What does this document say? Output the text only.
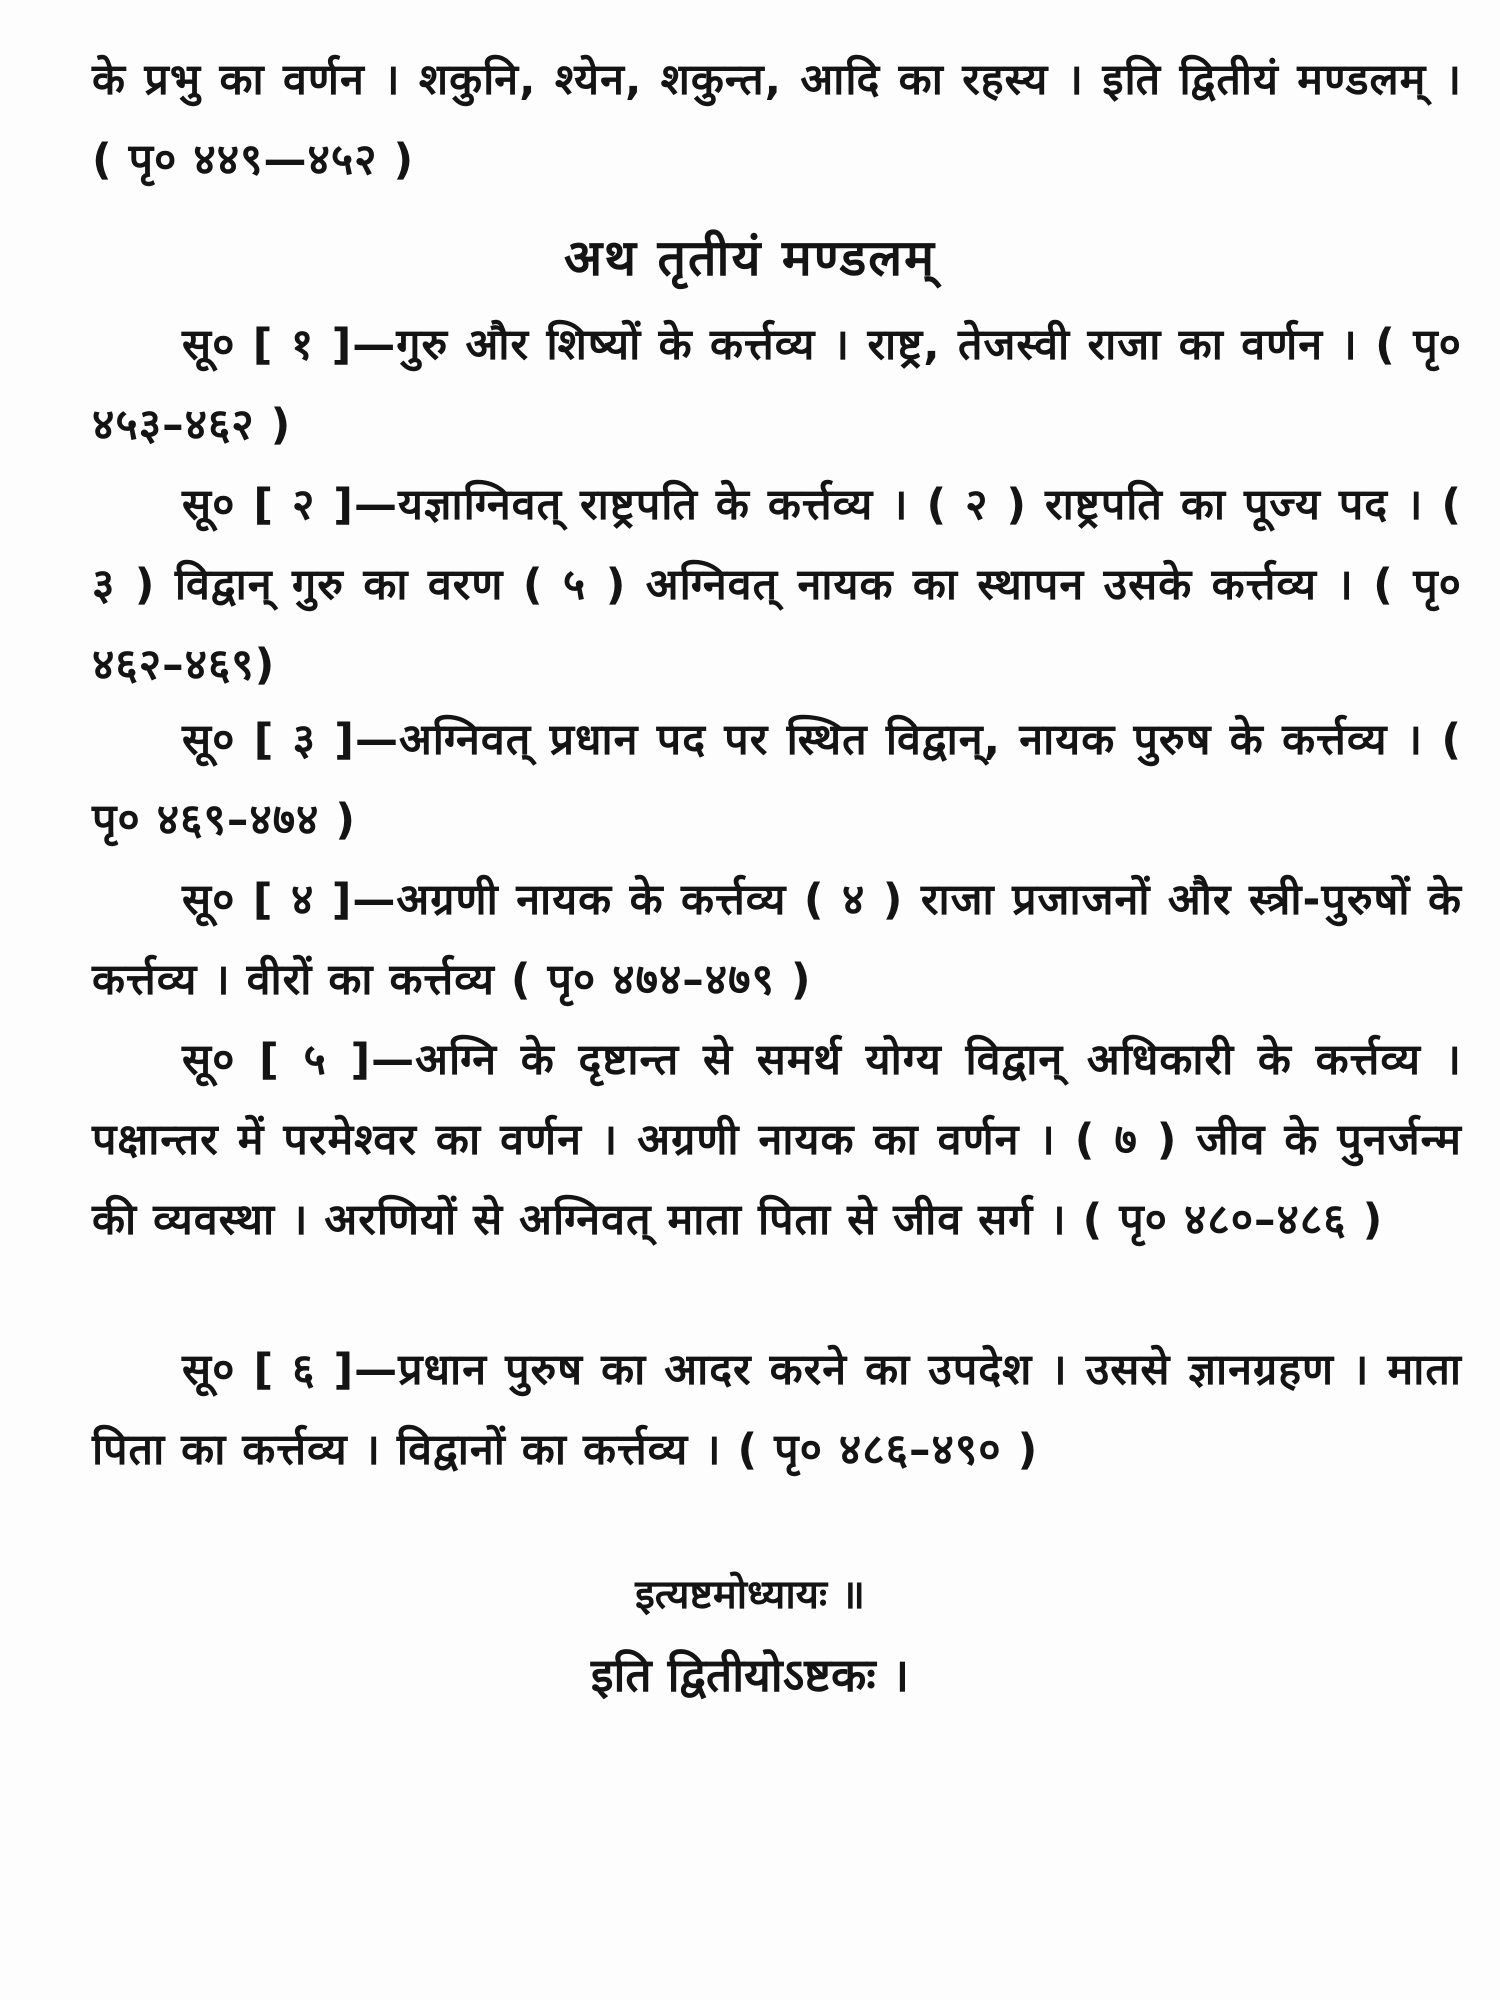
के प्रभु का वर्णन । शकुनि, श्येन, शकुन्त, आदि का रहस्य । इति द्वितीयं मण्डलम् । ( पृ० ४४९—४५२ )

अथ तृतीयं मण्डलम्

सू० [ १ ]—गुरु और शिष्यों के कर्त्तव्य । राष्ट्र, तेजस्वी राजा का वर्णन । ( पृ० ४५३–४६२ )

सू० [ २ ]—यज्ञाग्निवत् राष्ट्रपति के कर्त्तव्य । ( २ ) राष्ट्रपति का पूज्य पद । ( ३ ) विद्वान् गुरु का वरण ( ५ ) अग्निवत् नायक का स्थापन उसके कर्त्तव्य । ( पृ० ४६२–४६९)

सू० [ ३ ]—अग्निवत् प्रधान पद पर स्थित विद्वान्, नायक पुरुष के कर्त्तव्य । ( पृ० ४६९–४७४ )

सू० [ ४ ]—अग्रणी नायक के कर्त्तव्य ( ४ ) राजा प्रजाजनों और स्त्री-पुरुषों के कर्त्तव्य । वीरों का कर्त्तव्य ( पृ० ४७४–४७९ )

सू० [ ५ ]—अग्नि के दृष्टान्त से समर्थ योग्य विद्वान् अधिकारी के कर्त्तव्य । पक्षान्तर में परमेश्वर का वर्णन । अग्रणी नायक का वर्णन । ( ७ ) जीव के पुनर्जन्म की व्यवस्था । अरणियों से अग्निवत् माता पिता से जीव सर्ग । ( पृ० ४८०–४८६ )

सू० [ ६ ]—प्रधान पुरुष का आदर करने का उपदेश । उससे ज्ञानग्रहण । माता पिता का कर्त्तव्य । विद्वानों का कर्त्तव्य । ( पृ० ४८६–४९० )

इत्यष्टमोध्यायः ॥

इति द्वितीयोऽष्टकः ।
